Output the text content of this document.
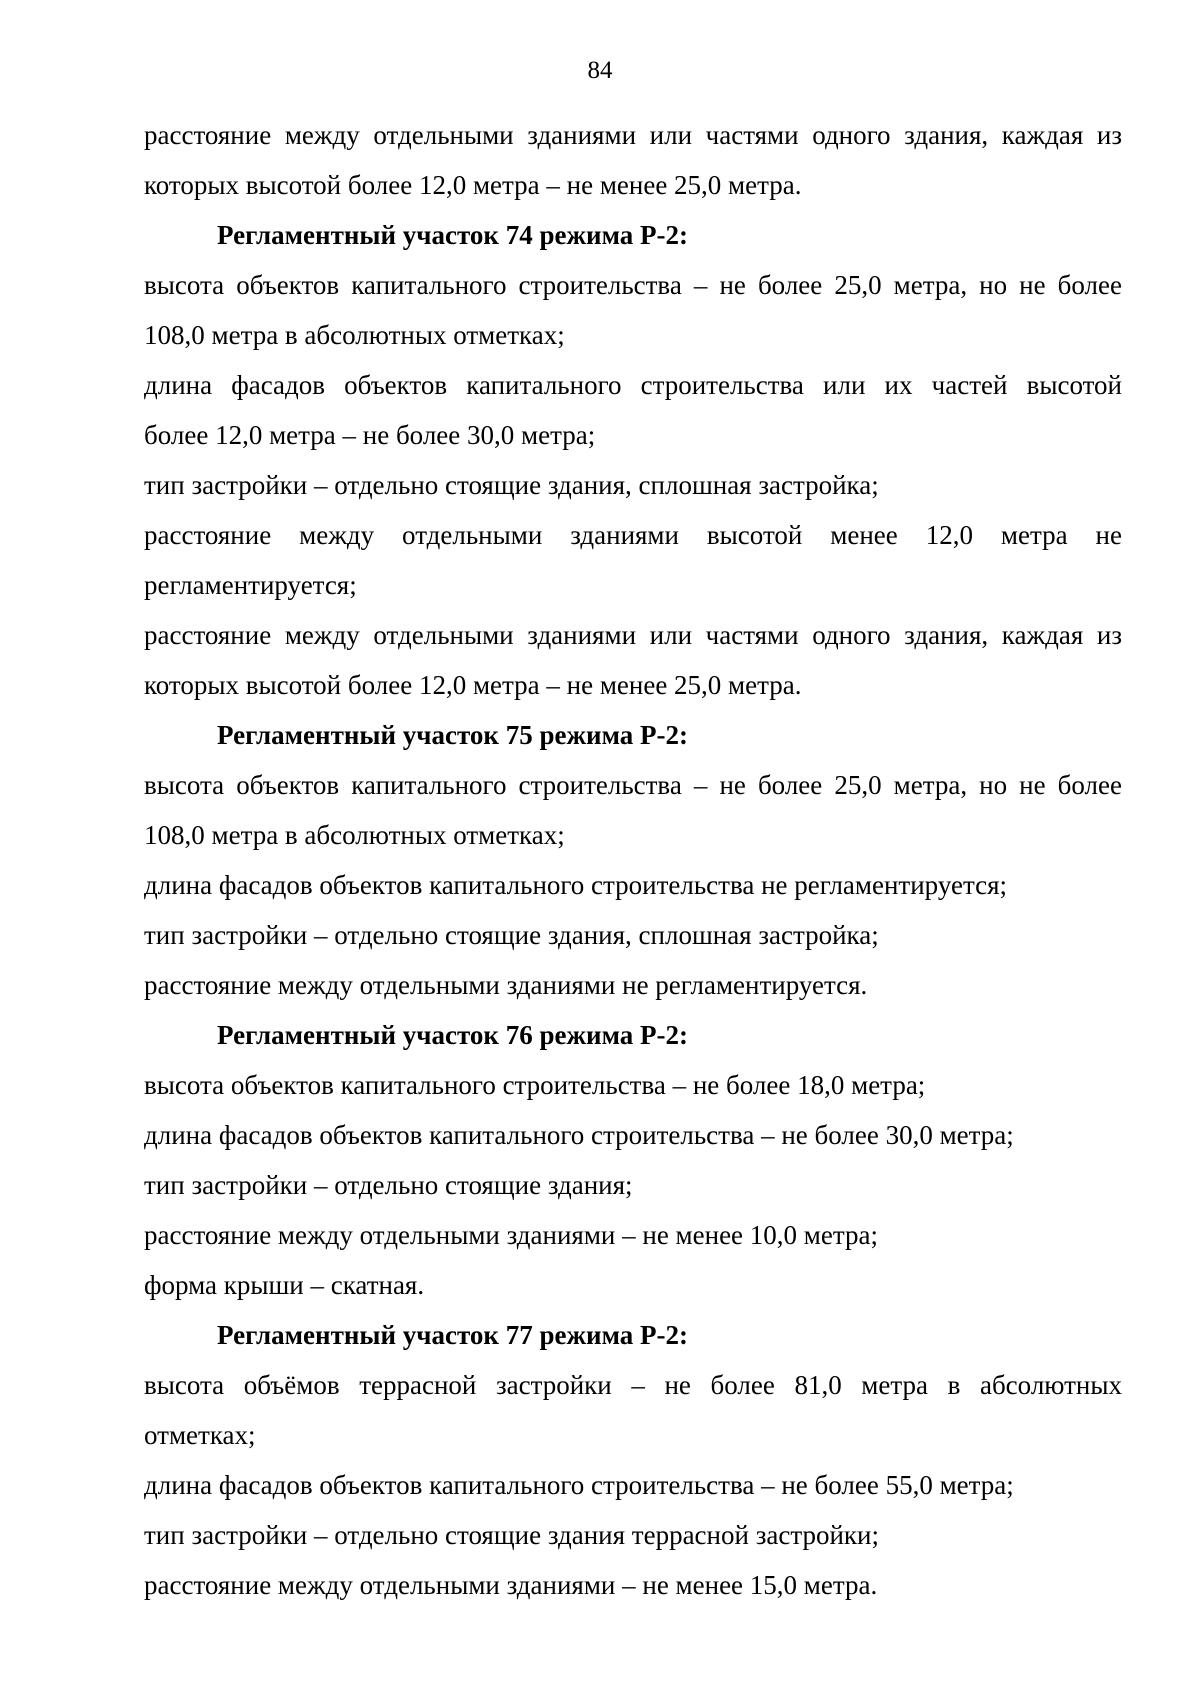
84
расстояние между отдельными зданиями или частями одного здания, каждая из
которых высотой более 12,0 метра – не менее 25,0 метра.
Регламентный участок 74 режима Р-2:
высота объектов капитального строительства – не более 25,0 метра, но не более
108,0 метра в абсолютных отметках;
длина фасадов объектов капитального строительства или их частей высотой
более 12,0 метра – не более 30,0 метра;
тип застройки – отдельно стоящие здания, сплошная застройка;
расстояние между отдельными зданиями высотой менее 12,0 метра не
регламентируется;
расстояние между отдельными зданиями или частями одного здания, каждая из
которых высотой более 12,0 метра – не менее 25,0 метра.
Регламентный участок 75 режима Р-2:
высота объектов капитального строительства – не более 25,0 метра, но не более
108,0 метра в абсолютных отметках;
длина фасадов объектов капитального строительства не регламентируется;
тип застройки – отдельно стоящие здания, сплошная застройка;
расстояние между отдельными зданиями не регламентируется.
Регламентный участок 76 режима Р-2:
высота объектов капитального строительства – не более 18,0 метра;
длина фасадов объектов капитального строительства – не более 30,0 метра;
тип застройки – отдельно стоящие здания;
расстояние между отдельными зданиями – не менее 10,0 метра;
форма крыши – скатная.
Регламентный участок 77 режима Р-2:
высота объёмов террасной застройки – не более 81,0 метра в абсолютных
отметках;
длина фасадов объектов капитального строительства – не более 55,0 метра;
тип застройки – отдельно стоящие здания террасной застройки;
расстояние между отдельными зданиями – не менее 15,0 метра.
